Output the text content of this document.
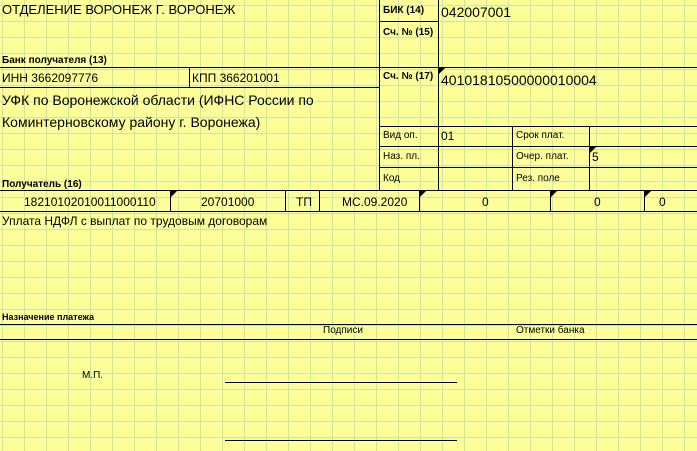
ОТДЕЛЕНИЕ ВОРОНЕЖ Г. ВОРОНЕЖ	БИК (14) 042007001
Сч. № (15)
Банк получателя (13)
ИНН 3662097776	КПП 366201001	Сч. № (17) 40101810500000010004
УФК по Воронежской области (ИФНС России по
Коминтерновскому району г. Воронежа)
Вид оп. 01	Срок плат.
Наз. пл.	Очер. плат. 5
Код	Рез. поле
Получатель (16)
18210102010011000110	20701000	ТП	МС.09.2020	0	0	0
Уплата НДФЛ с выплат по трудовым договорам
Назначение платежа
Подписи	Отметки банка
М.П.
